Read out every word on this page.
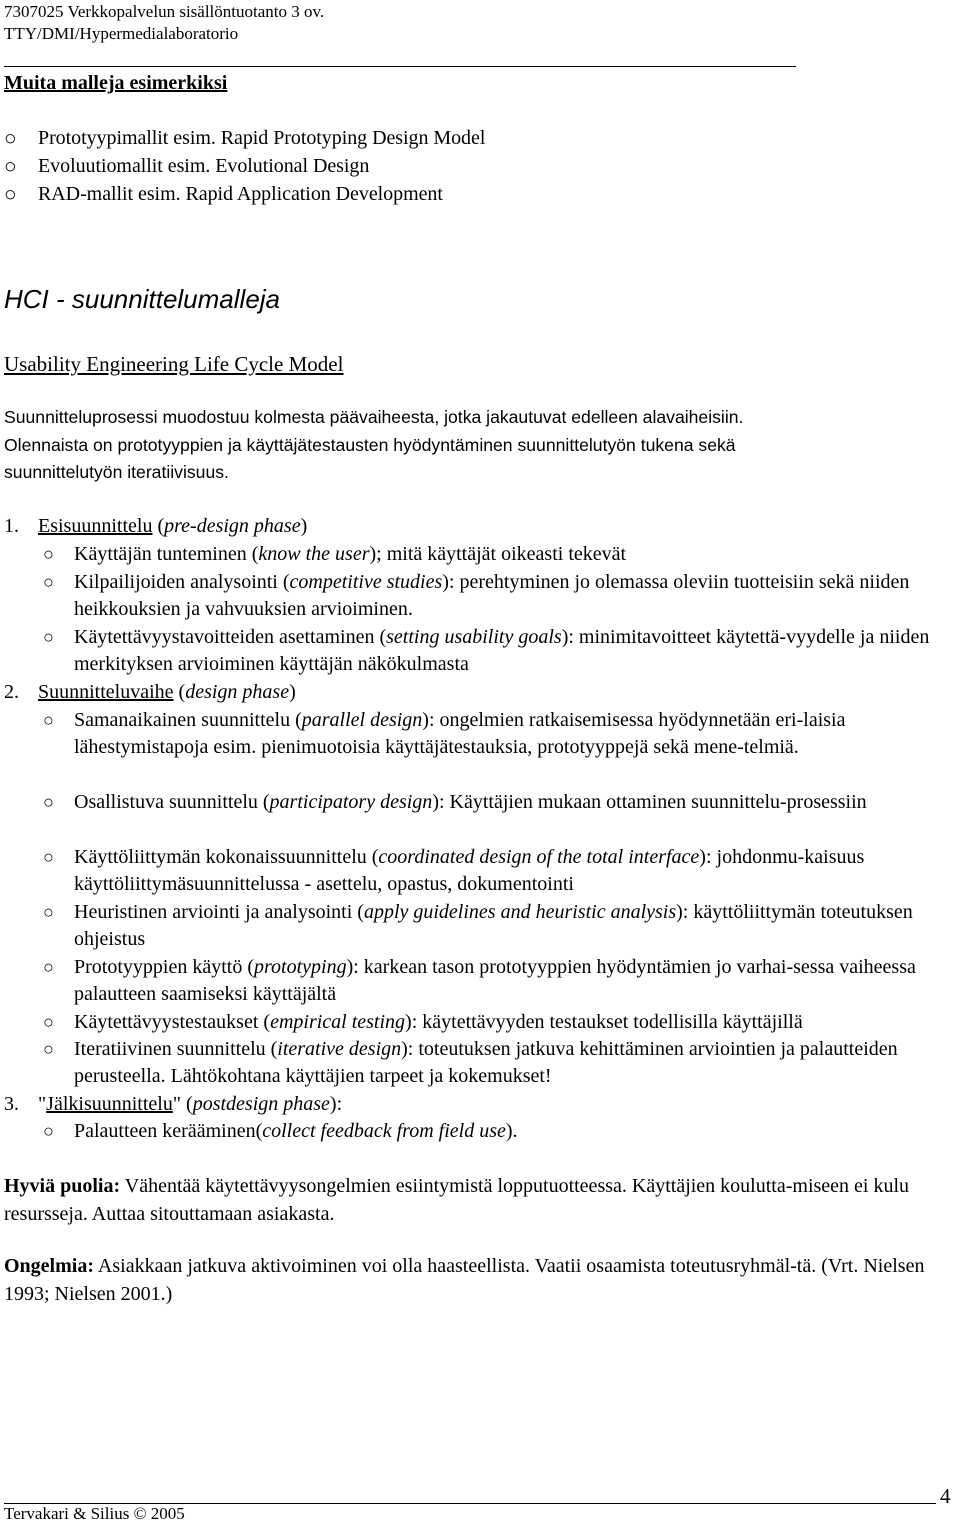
7307025 Verkkopalvelun sisällöntuotanto 3 ov.
TTY/DMI/Hypermedialaboratorio
Muita malleja esimerkiksi
○ Prototyypimallit esim. Rapid Prototyping Design Model
○ Evoluutiomallit esim. Evolutional Design
○ RAD-mallit esim. Rapid Application Development
HCI - suunnittelumalleja
Usability Engineering Life Cycle Model
Suunnitteluprosessi muodostuu kolmesta päävaiheesta, jotka jakautuvat edelleen alavaiheisiin.
Olennaista on prototyyppien ja käyttäjätestausten hyödyntäminen suunnittelutyön tukena sekä
suunnittelutyön iteratiivisuus.
1. Esisuunnittelu (pre-design phase)
○ Käyttäjän tunteminen (know the user); mitä käyttäjät oikeasti tekevät
○ Kilpailijoiden analysointi (competitive studies): perehtyminen jo olemassa oleviin tuotteisiin sekä niiden heikkouksien ja vahvuuksien arvioiminen.
○ Käytettävyystavoitteiden asettaminen (setting usability goals): minimitavoitteet käytettä-vyydelle ja niiden merkityksen arvioiminen käyttäjän näkökulmasta
2. Suunnitteluvaihe (design phase)
○ Samanaikainen suunnittelu (parallel design): ongelmien ratkaisemisessa hyödynnetään eri-laisia lähestymistapoja esim. pienimuotoisia käyttäjätestauksia, prototyyppejä sekä mene-telmiä.
○ Osallistuva suunnittelu (participatory design): Käyttäjien mukaan ottaminen suunnittelu-prosessiin
○ Käyttöliittymän kokonaissuunnittelu (coordinated design of the total interface): johdonmu-kaisuus käyttöliittymäsuunnittelussa - asettelu, opastus, dokumentointi
○ Heuristinen arviointi ja analysointi (apply guidelines and heuristic analysis): käyttöliittymän toteutuksen ohjeistus
○ Prototyyppien käyttö (prototyping): karkean tason prototyyppien hyödyntämien jo varhai-sessa vaiheessa palautteen saamiseksi käyttäjältä
○ Käytettävyystestaukset (empirical testing): käytettävyyden testaukset todellisilla käyttäjillä
○ Iteratiivinen suunnittelu (iterative design): toteutuksen jatkuva kehittäminen arviointien ja palautteiden perusteella. Lähtökohtana käyttäjien tarpeet ja kokemukset!
3. "Jälkisuunnittelu" (postdesign phase):
○ Palautteen kerääminen(collect feedback from field use).
Hyviä puolia: Vähentää käytettävyysongelmien esiintymistä lopputuotteessa. Käyttäjien koulutta-miseen ei kulu resursseja. Auttaa sitouttamaan asiakasta.
Ongelmia: Asiakkaan jatkuva aktivoiminen voi olla haasteellista. Vaatii osaamista toteutusryhmäl-tä. (Vrt. Nielsen 1993; Nielsen 2001.)
4
Tervakari & Silius © 2005
